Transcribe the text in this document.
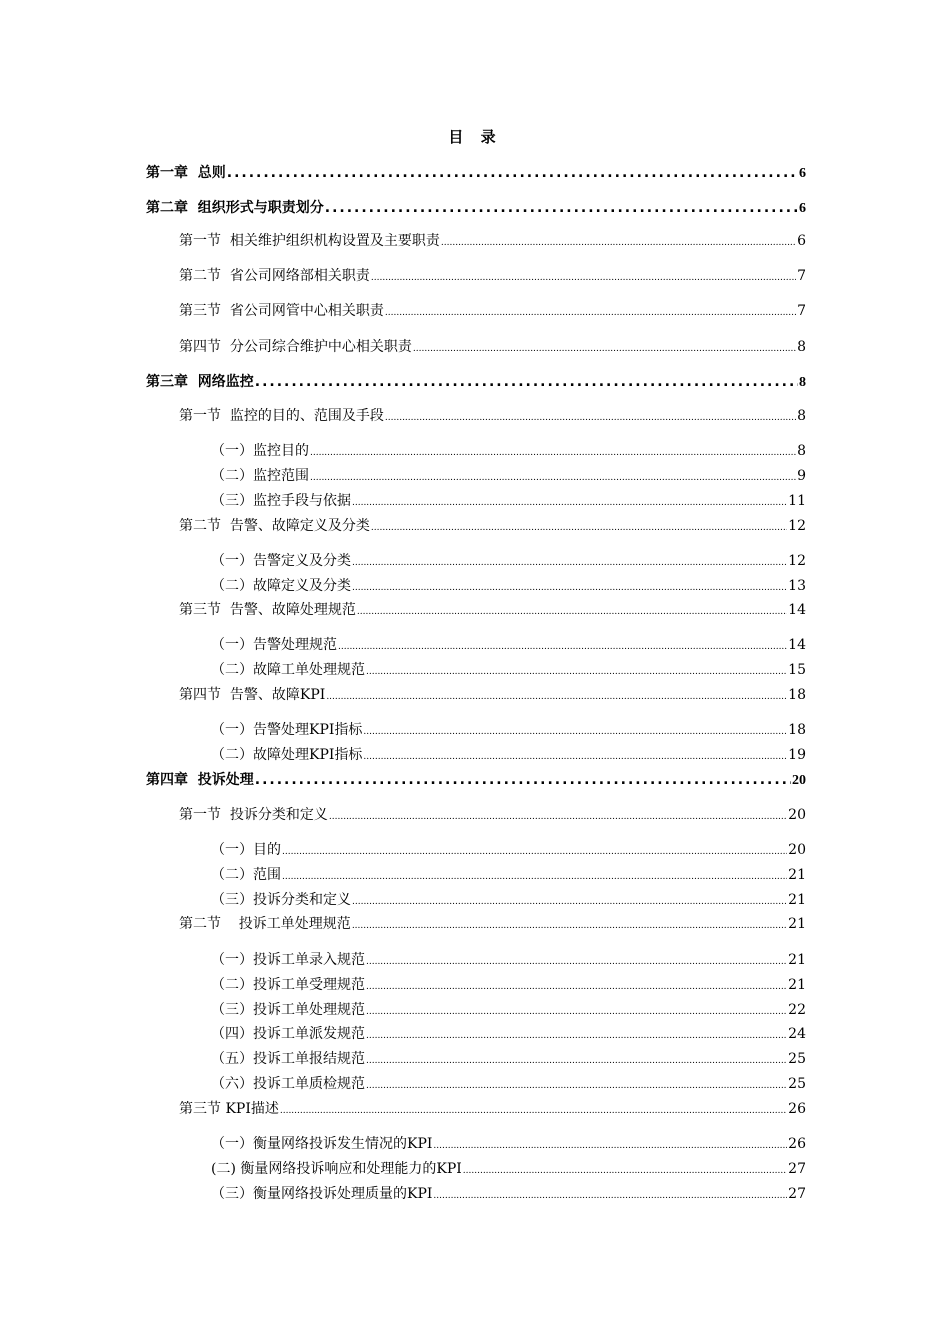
目 录
第一章  总则 .....	6
第二章  组织形式与职责划分 .....	6
第一节  相关维护组织机构设置及主要职责 .....	6
第二节  省公司网络部相关职责 .....	7
第三节  省公司网管中心相关职责 .....	7
第四节  分公司综合维护中心相关职责 .....	8
第三章  网络监控 .....	8
第一节  监控的目的、范围及手段 .....	8
（一）监控目的 .....	8
（二）监控范围 .....	9
（三）监控手段与依据 .....	11
第二节  告警、故障定义及分类 .....	12
（一）告警定义及分类 .....	12
（二）故障定义及分类 .....	13
第三节  告警、故障处理规范 .....	14
（一）告警处理规范 .....	14
（二）故障工单处理规范 .....	15
第四节  告警、故障KPI .....	18
（一）告警处理KPI指标 .....	18
（二）故障处理KPI指标 .....	19
第四章  投诉处理 .....	20
第一节  投诉分类和定义 .....	20
（一）目的 .....	20
（二）范围 .....	21
（三）投诉分类和定义 .....	21
第二节    投诉工单处理规范 .....	21
（一）投诉工单录入规范 .....	21
（二）投诉工单受理规范 .....	21
（三）投诉工单处理规范 .....	22
（四）投诉工单派发规范 .....	24
（五）投诉工单报结规范 .....	25
（六）投诉工单质检规范 .....	25
第三节 KPI描述 .....	26
（一）衡量网络投诉发生情况的KPI .....	26
(二) 衡量网络投诉响应和处理能力的KPI .....	27
（三）衡量网络投诉处理质量的KPI .....	27
